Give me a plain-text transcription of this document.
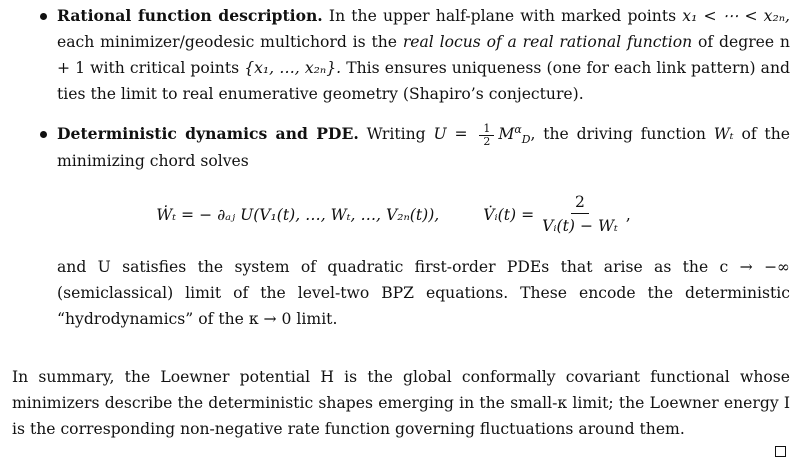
Rational function description. In the upper half-plane with marked points x₁ < ⋯ < x₂ₙ, each minimizer/geodesic multichord is the real locus of a real rational function of degree n + 1 with critical points {x₁, …, x₂ₙ}. This ensures uniqueness (one for each link pattern) and ties the limit to real enumerative geometry (Shapiro’s conjecture).
Deterministic dynamics and PDE. Writing $U = \frac{1}{2} M^\alpha_D$, the driving function Wₜ of the minimizing chord solves
Ẇₜ = − ∂ₐⱼ U(V₁(t), …, Wₜ, …, V₂ₙ(t)),	V̇ᵢ(t) = $\frac{2}{\text{Vᵢ(t) − Wₜ}}$ ,
and U satisfies the system of quadratic first-order PDEs that arise as the c → −∞ (semiclassical) limit of the level-two BPZ equations. These encode the deterministic “hydrodynamics” of the κ → 0 limit.
In summary, the Loewner potential H is the global conformally covariant functional whose minimizers describe the deterministic shapes emerging in the small-κ limit; the Loewner energy I is the corresponding non-negative rate function governing fluctuations around them.
